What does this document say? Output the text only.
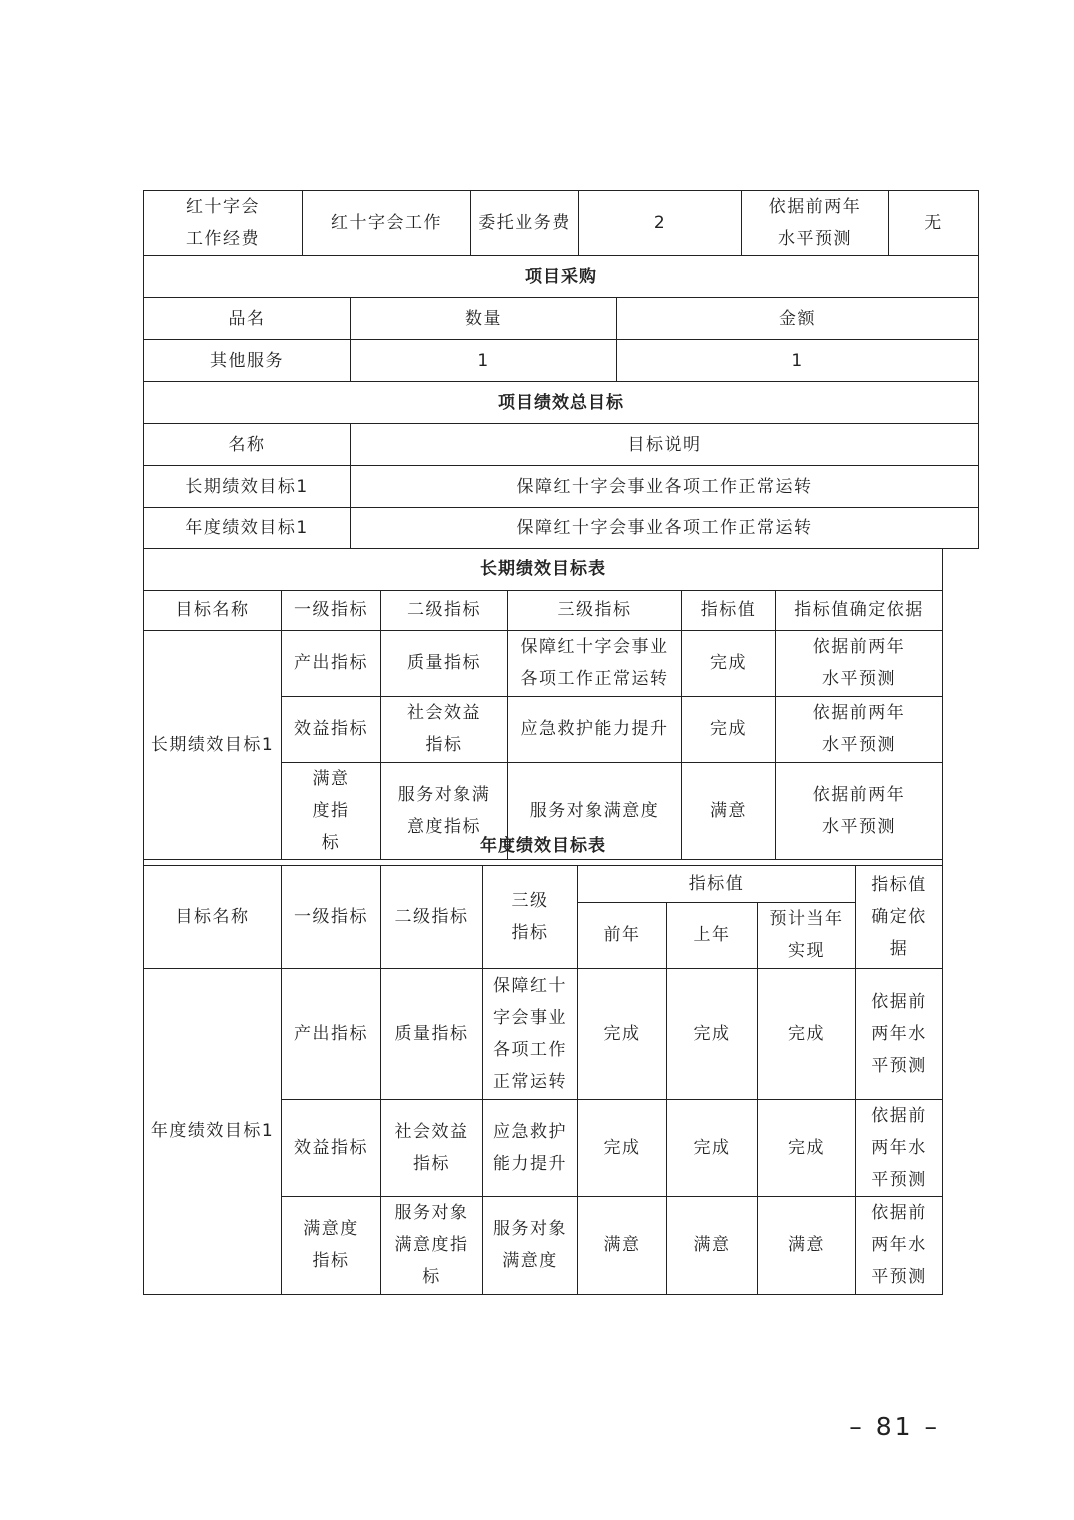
红十字会工作经费	红十字会工作		委托业务费	2		依据前两年水平预测	无
项目采购							
品名		数量			金额		
其他服务		1			1		
项目绩效总目标							
名称		目标说明					
长期绩效目标1		保障红十字会事业各项工作正常运转					
年度绩效目标1		保障红十字会事业各项工作正常运转					
长期绩效目标表					
目标名称	一级指标	二级指标	三级指标	指标值	指标值确定依据

长期绩效目标1	产出指标	质量指标	保障红十字会事业各项工作正常运转	完成	依据前两年水平预测

	效益指标	社会效益指标	应急救护能力提升	完成	依据前两年水平预测

	满意度指标	服务对象满意度指标	服务对象满意度	满意	依据前两年水平预测
年度绩效目标表							
目标名称	一级指标	二级指标	三级指标	指标值			指标值确定依据

				前年	上年	预计当年实现	

年度绩效目标1	产出指标	质量指标	保障红十字会事业各项工作正常运转	完成	完成	完成	依据前两年水平预测

	效益指标	社会效益指标	应急救护能力提升	完成	完成	完成	依据前两年水平预测

	满意度指标	服务对象满意度指标	服务对象满意度	满意	满意	满意	依据前两年水平预测
– 81 –
